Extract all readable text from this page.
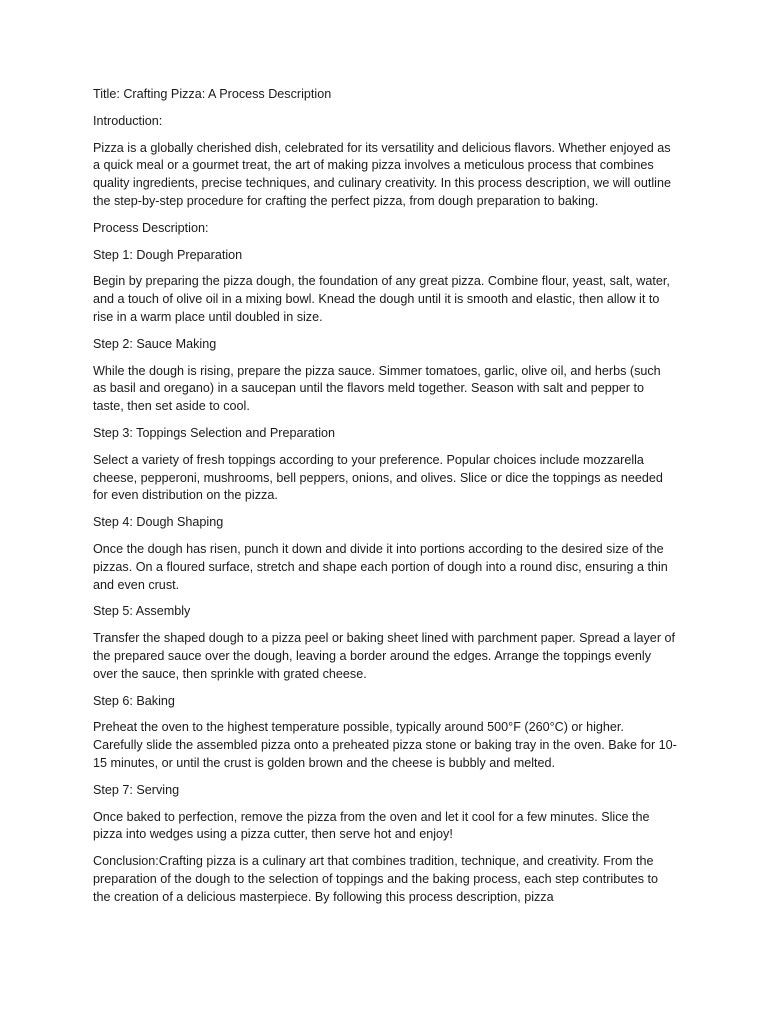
Title: Crafting Pizza: A Process Description

Introduction:

Pizza is a globally cherished dish, celebrated for its versatility and delicious flavors. Whether enjoyed as a quick meal or a gourmet treat, the art of making pizza involves a meticulous process that combines quality ingredients, precise techniques, and culinary creativity. In this process description, we will outline the step-by-step procedure for crafting the perfect pizza, from dough preparation to baking.

Process Description:

Step 1: Dough Preparation

Begin by preparing the pizza dough, the foundation of any great pizza. Combine flour, yeast, salt, water, and a touch of olive oil in a mixing bowl. Knead the dough until it is smooth and elastic, then allow it to rise in a warm place until doubled in size.

Step 2: Sauce Making

While the dough is rising, prepare the pizza sauce. Simmer tomatoes, garlic, olive oil, and herbs (such as basil and oregano) in a saucepan until the flavors meld together. Season with salt and pepper to taste, then set aside to cool.

Step 3: Toppings Selection and Preparation

Select a variety of fresh toppings according to your preference. Popular choices include mozzarella cheese, pepperoni, mushrooms, bell peppers, onions, and olives. Slice or dice the toppings as needed for even distribution on the pizza.

Step 4: Dough Shaping

Once the dough has risen, punch it down and divide it into portions according to the desired size of the pizzas. On a floured surface, stretch and shape each portion of dough into a round disc, ensuring a thin and even crust.

Step 5: Assembly

Transfer the shaped dough to a pizza peel or baking sheet lined with parchment paper. Spread a layer of the prepared sauce over the dough, leaving a border around the edges. Arrange the toppings evenly over the sauce, then sprinkle with grated cheese.

Step 6: Baking

Preheat the oven to the highest temperature possible, typically around 500°F (260°C) or higher. Carefully slide the assembled pizza onto a preheated pizza stone or baking tray in the oven. Bake for 10-15 minutes, or until the crust is golden brown and the cheese is bubbly and melted.

Step 7: Serving

Once baked to perfection, remove the pizza from the oven and let it cool for a few minutes. Slice the pizza into wedges using a pizza cutter, then serve hot and enjoy!

Conclusion:Crafting pizza is a culinary art that combines tradition, technique, and creativity. From the preparation of the dough to the selection of toppings and the baking process, each step contributes to the creation of a delicious masterpiece. By following this process description, pizza
